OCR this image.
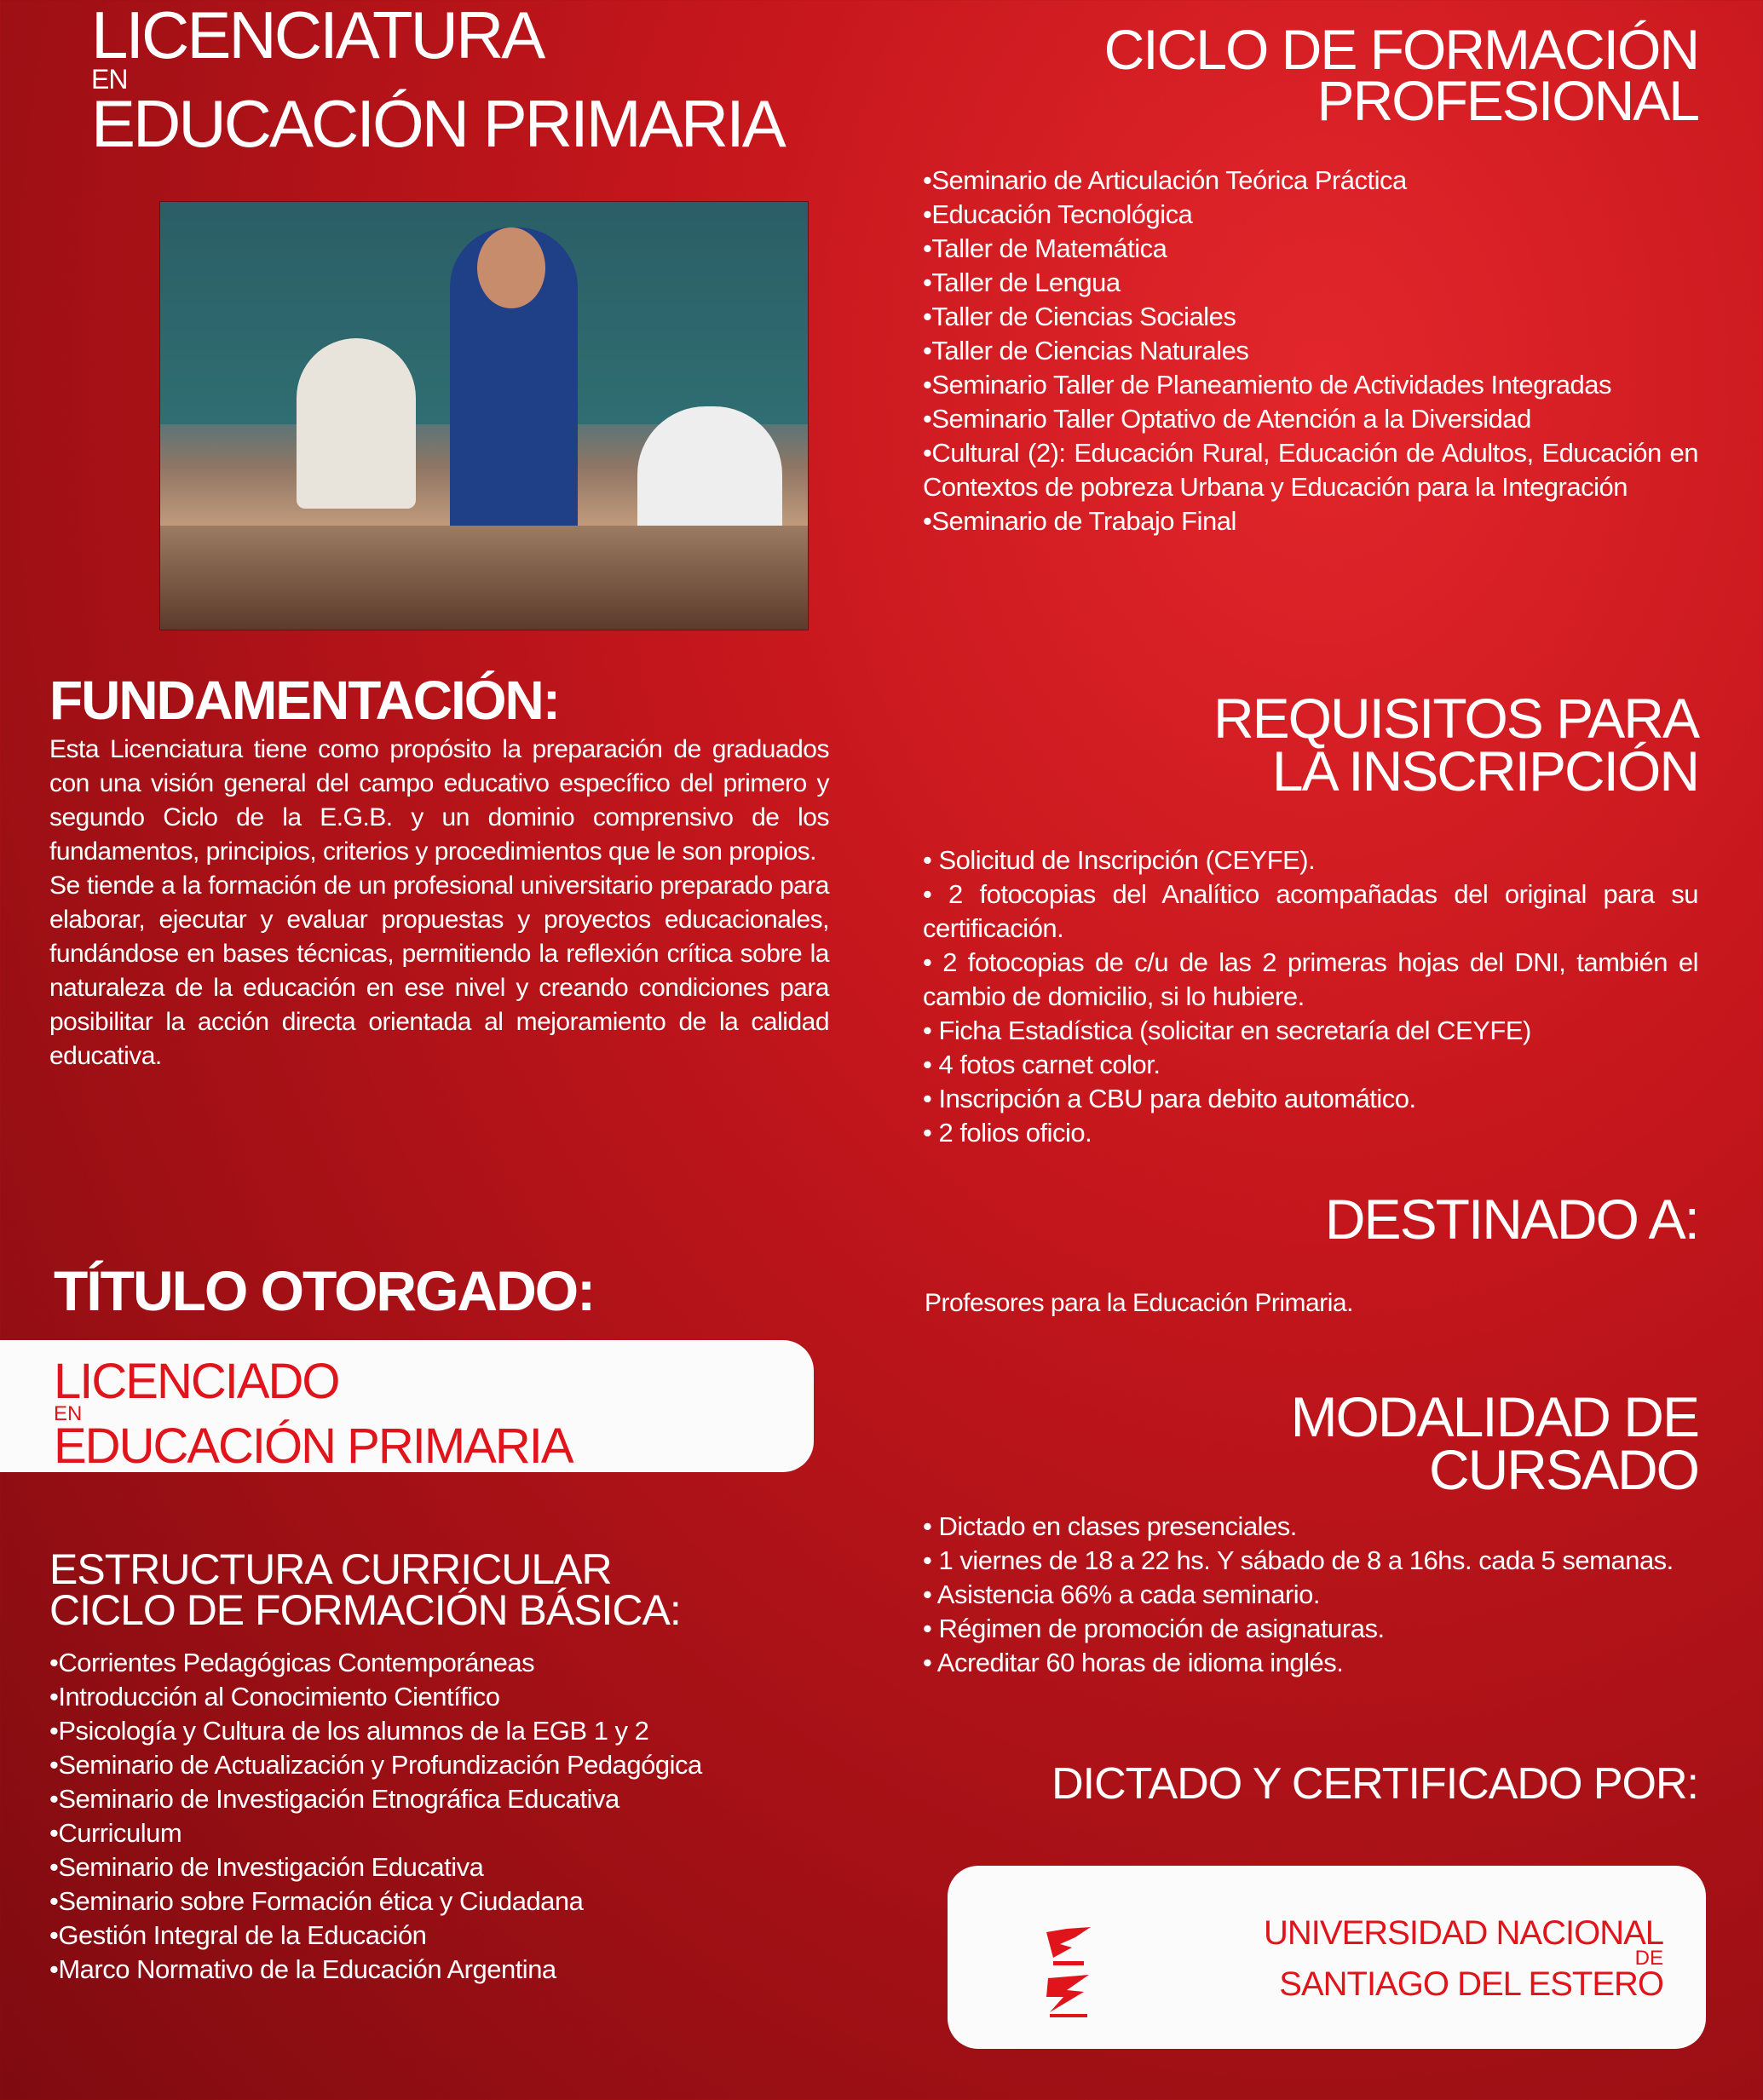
LICENCIATURA
EN
EDUCACIÓN PRIMARIA
FUNDAMENTACIÓN:

Esta Licenciatura tiene como propósito la preparación de graduados con una visión general del campo educativo específico del primero y segundo Ciclo de la E.G.B. y un dominio comprensivo de los fundamentos, principios, criterios y procedimientos que le son propios.

Se tiende a la formación de un profesional universitario preparado para elaborar, ejecutar y evaluar propuestas y proyectos educacionales, fundándose en bases técnicas, permitiendo la reflexión crítica sobre la naturaleza de la educación en ese nivel y creando condiciones para posibilitar la acción directa orientada al mejoramiento de la calidad educativa.

TÍTULO OTORGADO:
ESTRUCTURA CURRICULAR
CICLO DE FORMACIÓN BÁSICA:
• Corrientes Pedagógicas Contemporáneas
• Introducción al Conocimiento Científico
• Psicología y Cultura de los alumnos de la EGB 1 y 2
• Seminario de Actualización y Profundización Pedagógica
• Seminario de Investigación Etnográfica Educativa
• Curriculum
• Seminario de Investigación Educativa
• Seminario sobre Formación ética y Ciudadana
• Gestión Integral de la Educación
• Marco Normativo de la Educación Argentina
LICENCIADO
EN
EDUCACIÓN PRIMARIA
CICLO DE FORMACIÓN
PROFESIONAL
• Seminario de Articulación Teórica Práctica
• Educación Tecnológica
• Taller de Matemática
• Taller de Lengua
• Taller de Ciencias Sociales
• Taller de Ciencias Naturales
• Seminario Taller de Planeamiento de Actividades Integradas
• Seminario Taller Optativo de Atención a la Diversidad
• Cultural (2): Educación Rural, Educación de Adultos, Educación en Contextos de pobreza Urbana y Educación para la Integración
• Seminario de Trabajo Final
REQUISITOS PARA
LA INSCRIPCIÓN
• Solicitud de Inscripción (CEYFE).
• 2 fotocopias del Analítico acompañadas del original para su certificación.
• 2 fotocopias de c/u de las 2 primeras hojas del DNI, también el cambio de domicilio, si lo hubiere.
• Ficha Estadística (solicitar en secretaría del CEYFE)
• 4 fotos carnet color.
• Inscripción a CBU para debito automático.
• 2 folios oficio.
DESTINADO A:
Profesores para la Educación Primaria.
MODALIDAD DE
CURSADO
• Dictado en clases presenciales.
• 1 viernes de 18 a 22 hs. Y sábado de 8 a 16hs. cada 5 semanas.
• Asistencia 66% a cada seminario.
• Régimen de promoción de asignaturas.
• Acreditar 60 horas de idioma inglés.
DICTADO Y CERTIFICADO POR:
UNIVERSIDAD NACIONAL
DE
SANTIAGO DEL ESTERO
